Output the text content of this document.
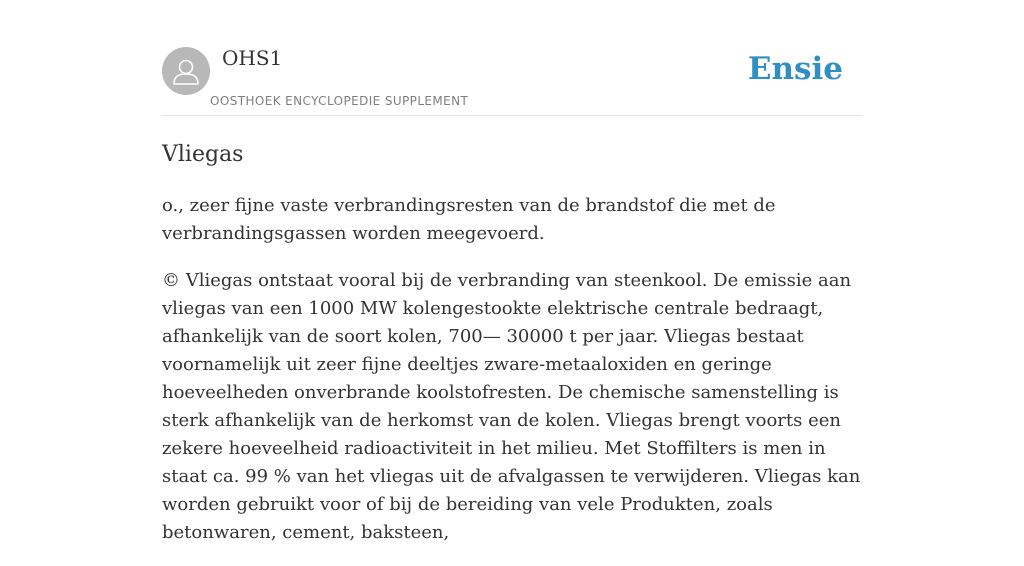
OHS1
OOSTHOEK ENCYCLOPEDIE SUPPLEMENT
Ensie
Vliegas

o., zeer fijne vaste verbrandingsresten van de brandstof die met de verbrandingsgassen worden meegevoerd.

© Vliegas ontstaat vooral bij de verbranding van steenkool. De emissie aan vliegas van een 1000 MW kolengestookte elektrische centrale bedraagt, afhankelijk van de soort kolen, 700— 30000 t per jaar. Vliegas bestaat voornamelijk uit zeer fijne deeltjes zware-metaaloxiden en geringe hoeveelheden onverbrande koolstofresten. De chemische samenstelling is sterk afhankelijk van de herkomst van de kolen. Vliegas brengt voorts een zekere hoeveelheid radioactiviteit in het milieu. Met Stoffilters is men in staat ca. 99 % van het vliegas uit de afvalgassen te verwijderen. Vliegas kan worden gebruikt voor of bij de bereiding van vele Produkten, zoals betonwaren, cement, baksteen,
